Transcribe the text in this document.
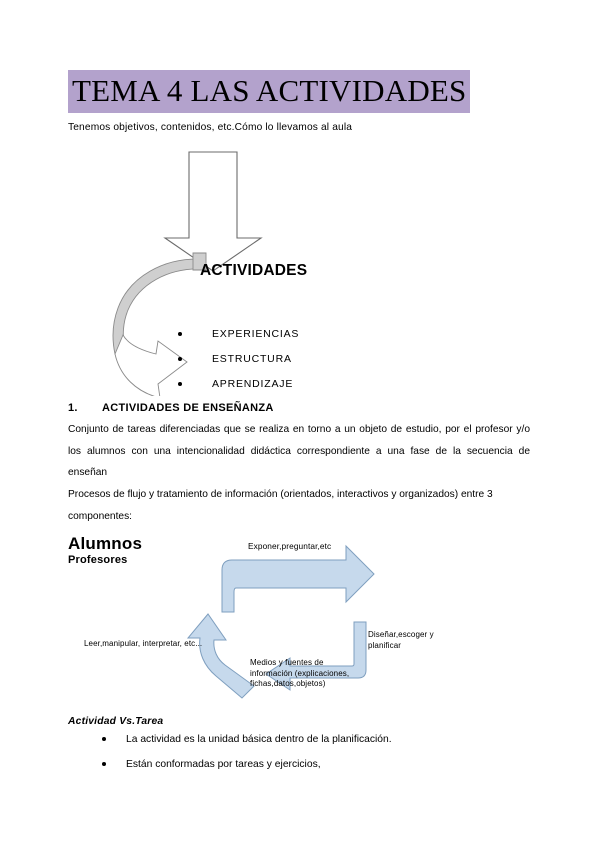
TEMA 4 LAS ACTIVIDADES
Tenemos objetivos, contenidos, etc.Cómo lo llevamos al aula
ACTIVIDADES
EXPERIENCIAS
ESTRUCTURA
APRENDIZAJE
1. ACTIVIDADES DE ENSEÑANZA
Conjunto de tareas diferenciadas que se realiza en torno a un objeto de estudio, por el profesor y/o los alumnos con una intencionalidad didáctica correspondiente a una fase de la secuencia de enseñan
Procesos de flujo y tratamiento de información (orientados, interactivos y organizados) entre 3 componentes:
Exponer,preguntar,etc
Alumnos
Profesores
Diseñar,escoger y planificar
Leer,manipular, interpretar, etc...
Medios y fuentes de información (explicaciones, fichas,datos,objetos)
Actividad Vs.Tarea
La actividad es la unidad básica dentro de la planificación.
Están conformadas por tareas y ejercicios,
